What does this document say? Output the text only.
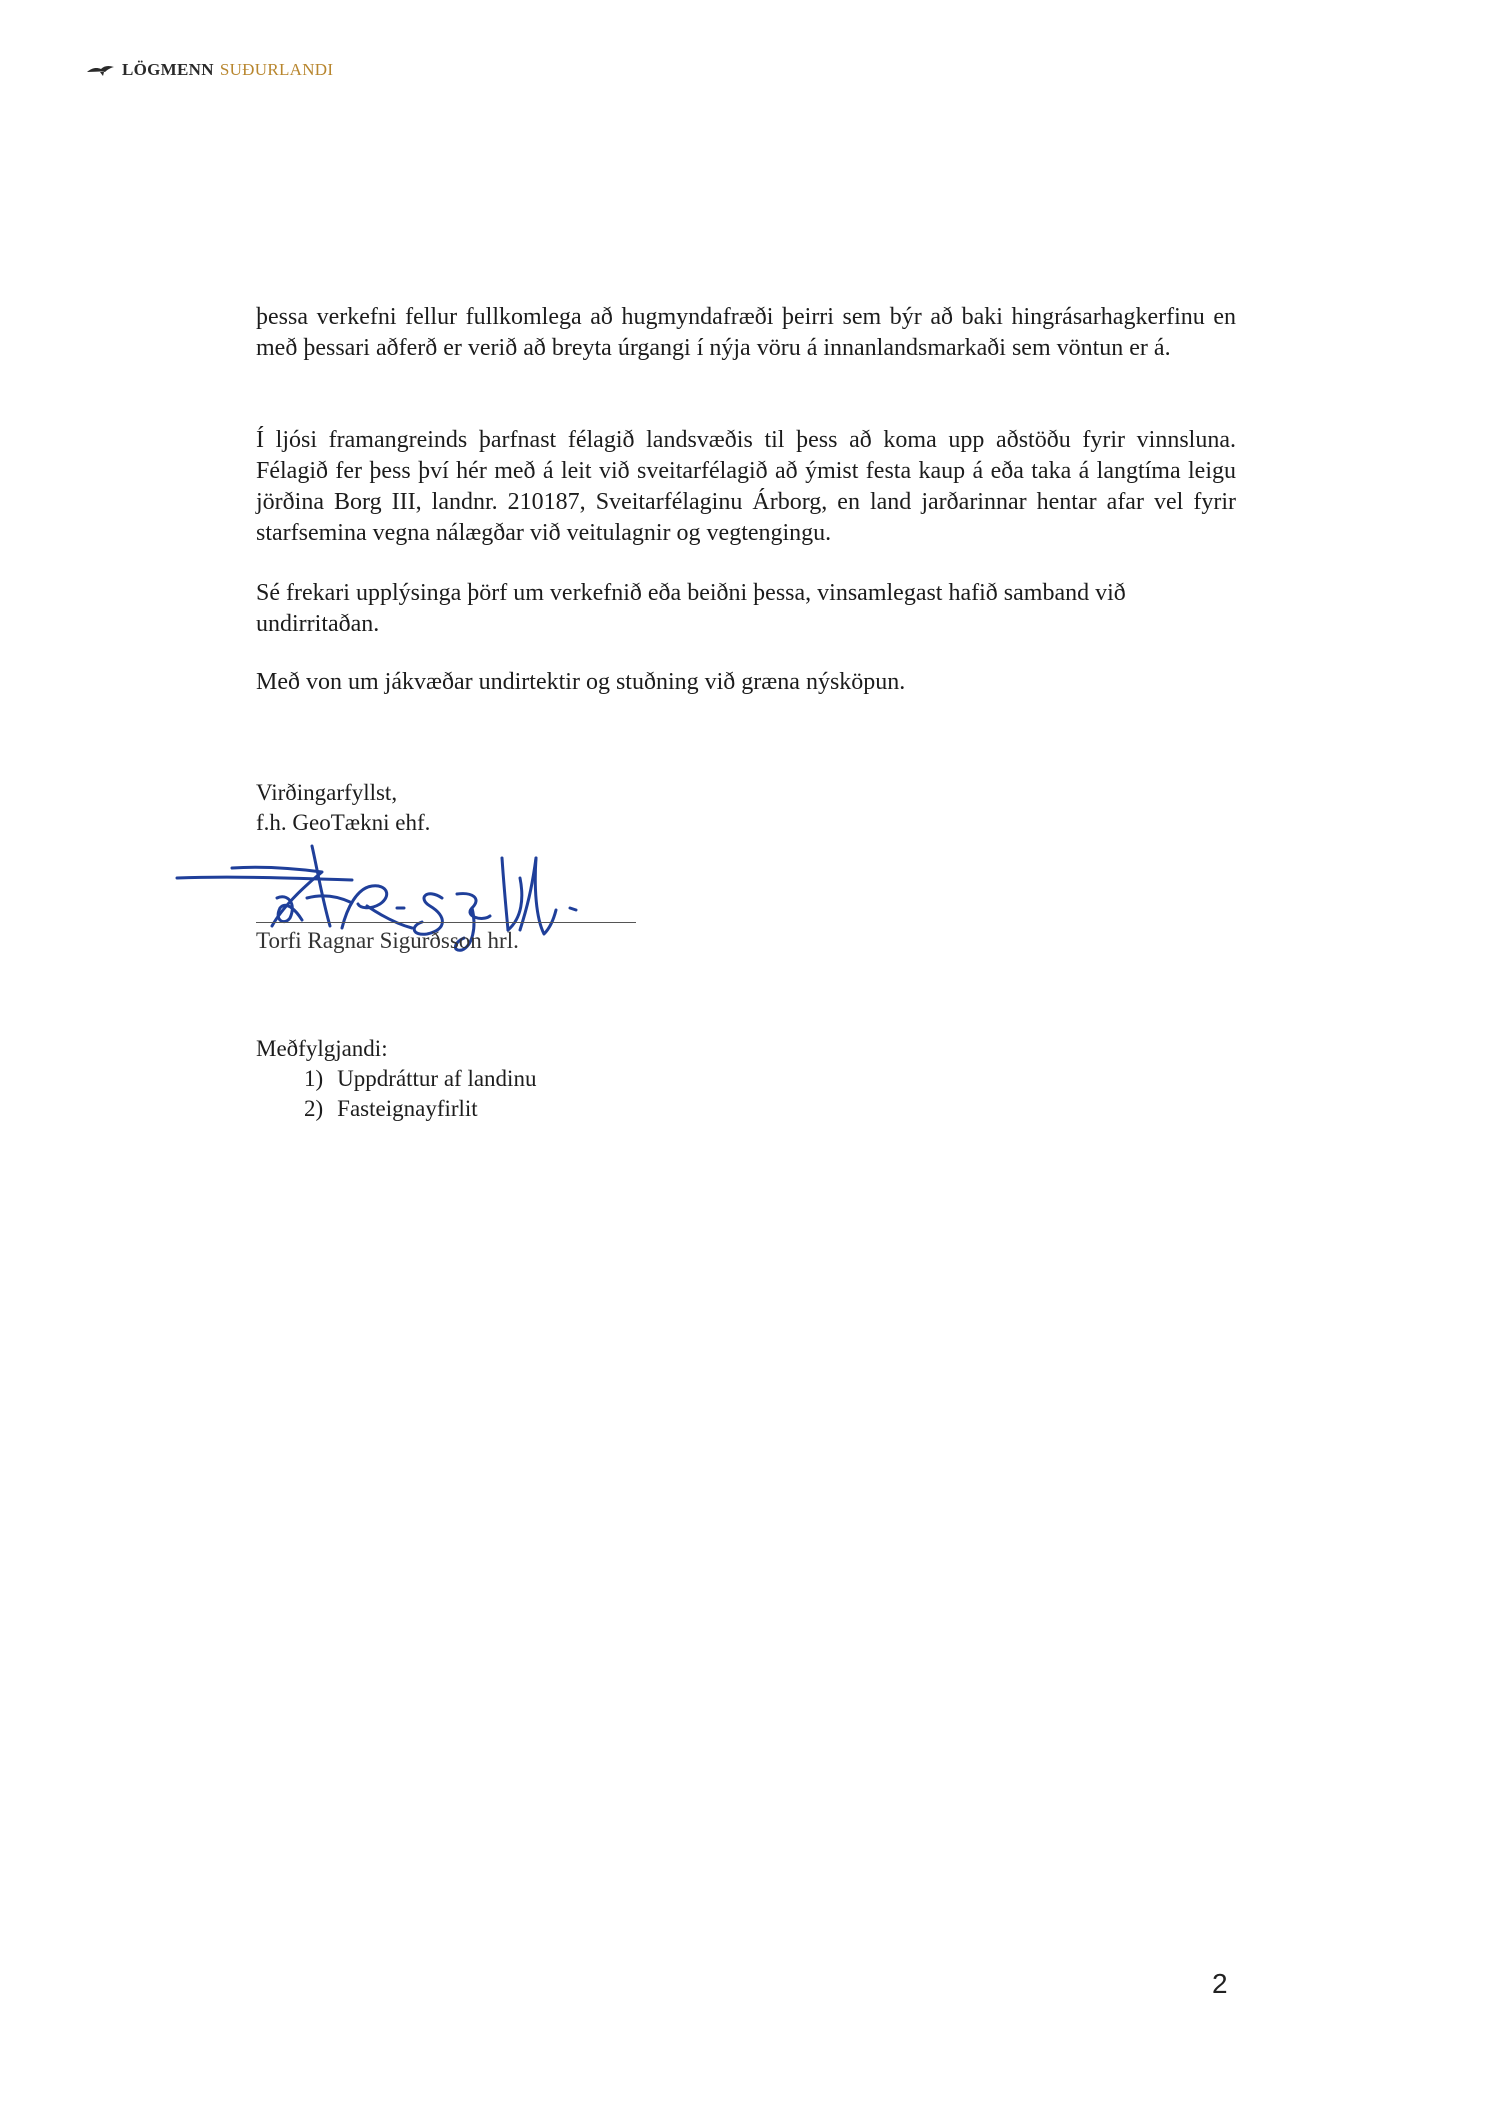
LÖGMENN SUÐURLANDI

þessa verkefni fellur fullkomlega að hugmyndafræði þeirri sem býr að baki hingrásarhagkerfinu en með þessari aðferð er verið að breyta úrgangi í nýja vöru á innanlandsmarkaði sem vöntun er á.

Í ljósi framangreinds þarfnast félagið landsvæðis til þess að koma upp aðstöðu fyrir vinnsluna. Félagið fer þess því hér með á leit við sveitarfélagið að ýmist festa kaup á eða taka á langtíma leigu jörðina Borg III, landnr. 210187, Sveitarfélaginu Árborg, en land jarðarinnar hentar afar vel fyrir starfsemina vegna nálægðar við veitulagnir og vegtengingu.

Sé frekari upplýsinga þörf um verkefnið eða beiðni þessa, vinsamlegast hafið samband við undirritaðan.

Með von um jákvæðar undirtektir og stuðning við græna nýsköpun.

Virðingarfyllst,
f.h. GeoTækni ehf.
Torfi Ragnar Sigurðsson hrl.
Meðfylgjandi:
1) Uppdráttur af landinu
2) Fasteignayfirlit
2
